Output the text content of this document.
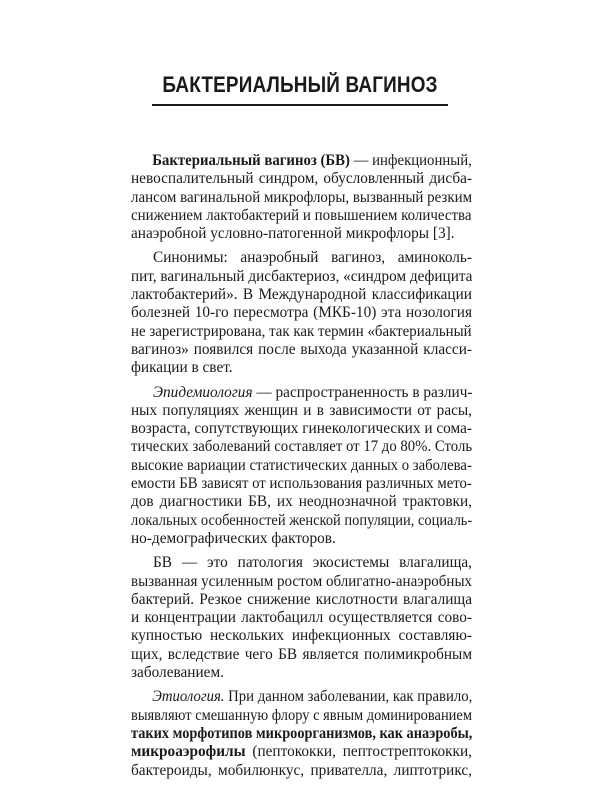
БАКТЕРИАЛЬНЫЙ ВАГИНОЗ
Бактериальный вагиноз (БВ) — инфекционный,
невоспалительный синдром, обусловленный дисба-
лансом вагинальной микрофлоры, вызванный резким
снижением лактобактерий и повышением количества
анаэробной условно-патогенной микрофлоры [3].
Синонимы: анаэробный вагиноз, аминоколь-
пит, вагинальный дисбактериоз, «синдром дефицита
лактобактерий». В Международной классификации
болезней 10-го пересмотра (МКБ-10) эта нозология
не зарегистрирована, так как термин «бактериальный
вагиноз» появился после выхода указанной класси-
фикации в свет.
Эпидемиология — распространенность в различ-
ных популяциях женщин и в зависимости от расы,
возраста, сопутствующих гинекологических и сома-
тических заболеваний составляет от 17 до 80%. Столь
высокие вариации статистических данных о заболева-
емости БВ зависят от использования различных мето-
дов диагностики БВ, их неоднозначной трактовки,
локальных особенностей женской популяции, социаль-
но-демографических факторов.
БВ — это патология экосистемы влагалища,
вызванная усиленным ростом облигатно-анаэробных
бактерий. Резкое снижение кислотности влагалища
и концентрации лактобацилл осуществляется сово-
купностью нескольких инфекционных составляю-
щих, вследствие чего БВ является полимикробным
заболеванием.
Этиология. При данном заболевании, как правило,
выявляют смешанную флору с явным доминированием
таких морфотипов микроорганизмов, как анаэробы,
микроаэрофилы (пептококки, пептострептококки,
бактероиды, мобилюнкус, привателла, липтотрикс,
